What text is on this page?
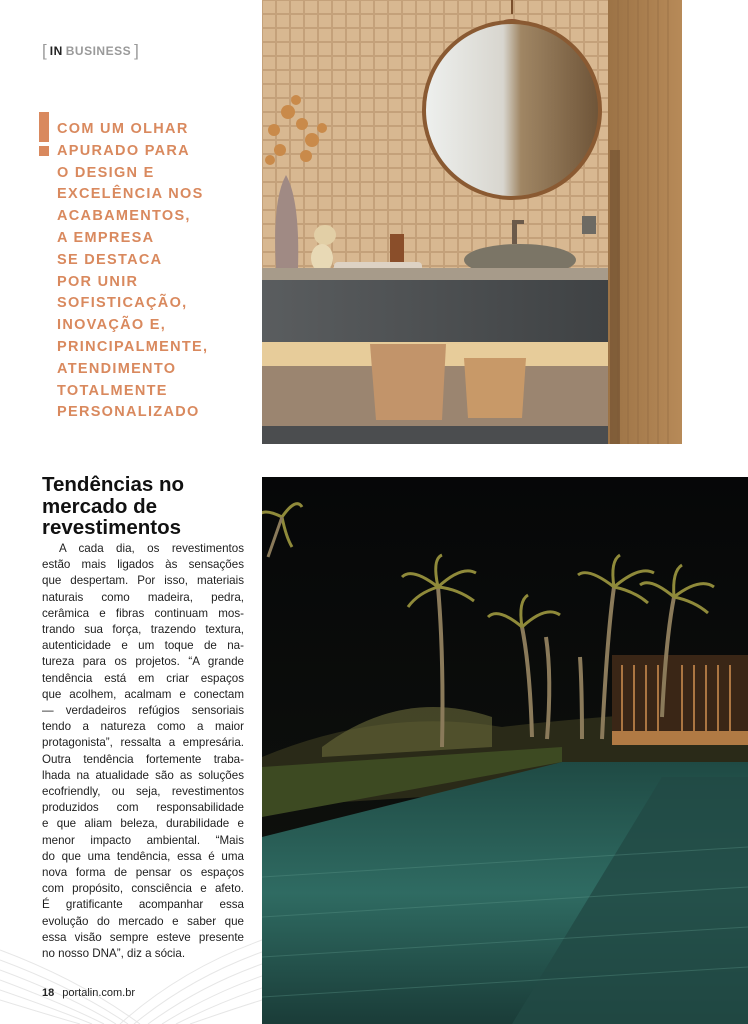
[ IN BUSINESS ]
COM UM OLHAR
APURADO PARA
O DESIGN E
EXCELÊNCIA NOS
ACABAMENTOS,
A EMPRESA
SE DESTACA
POR UNIR
SOFISTICAÇÃO,
INOVAÇÃO E,
PRINCIPALMENTE,
ATENDIMENTO
TOTALMENTE
PERSONALIZADO
Tendências no
mercado de
revestimentos
A cada dia, os revestimentos
estão mais ligados às sensações
que despertam. Por isso, materiais
naturais como madeira, pedra,
cerâmica e fibras continuam mos-
trando sua força, trazendo textura,
autenticidade e um toque de na-
tureza para os projetos. “A grande
tendência está em criar espaços
que acolhem, acalmam e conectam
— verdadeiros refúgios sensoriais
tendo a natureza como a maior
protagonista”, ressalta a empresária.
Outra tendência fortemente traba-
lhada na atualidade são as soluções
ecofriendly, ou seja, revestimentos
produzidos com responsabilidade
e que aliam beleza, durabilidade e
menor impacto ambiental. “Mais
do que uma tendência, essa é uma
nova forma de pensar os espaços
com propósito, consciência e afeto.
É gratificante acompanhar essa
evolução do mercado e saber que
essa visão sempre esteve presente
no nosso DNA”, diz a sócia.
18 portalin.com.br
